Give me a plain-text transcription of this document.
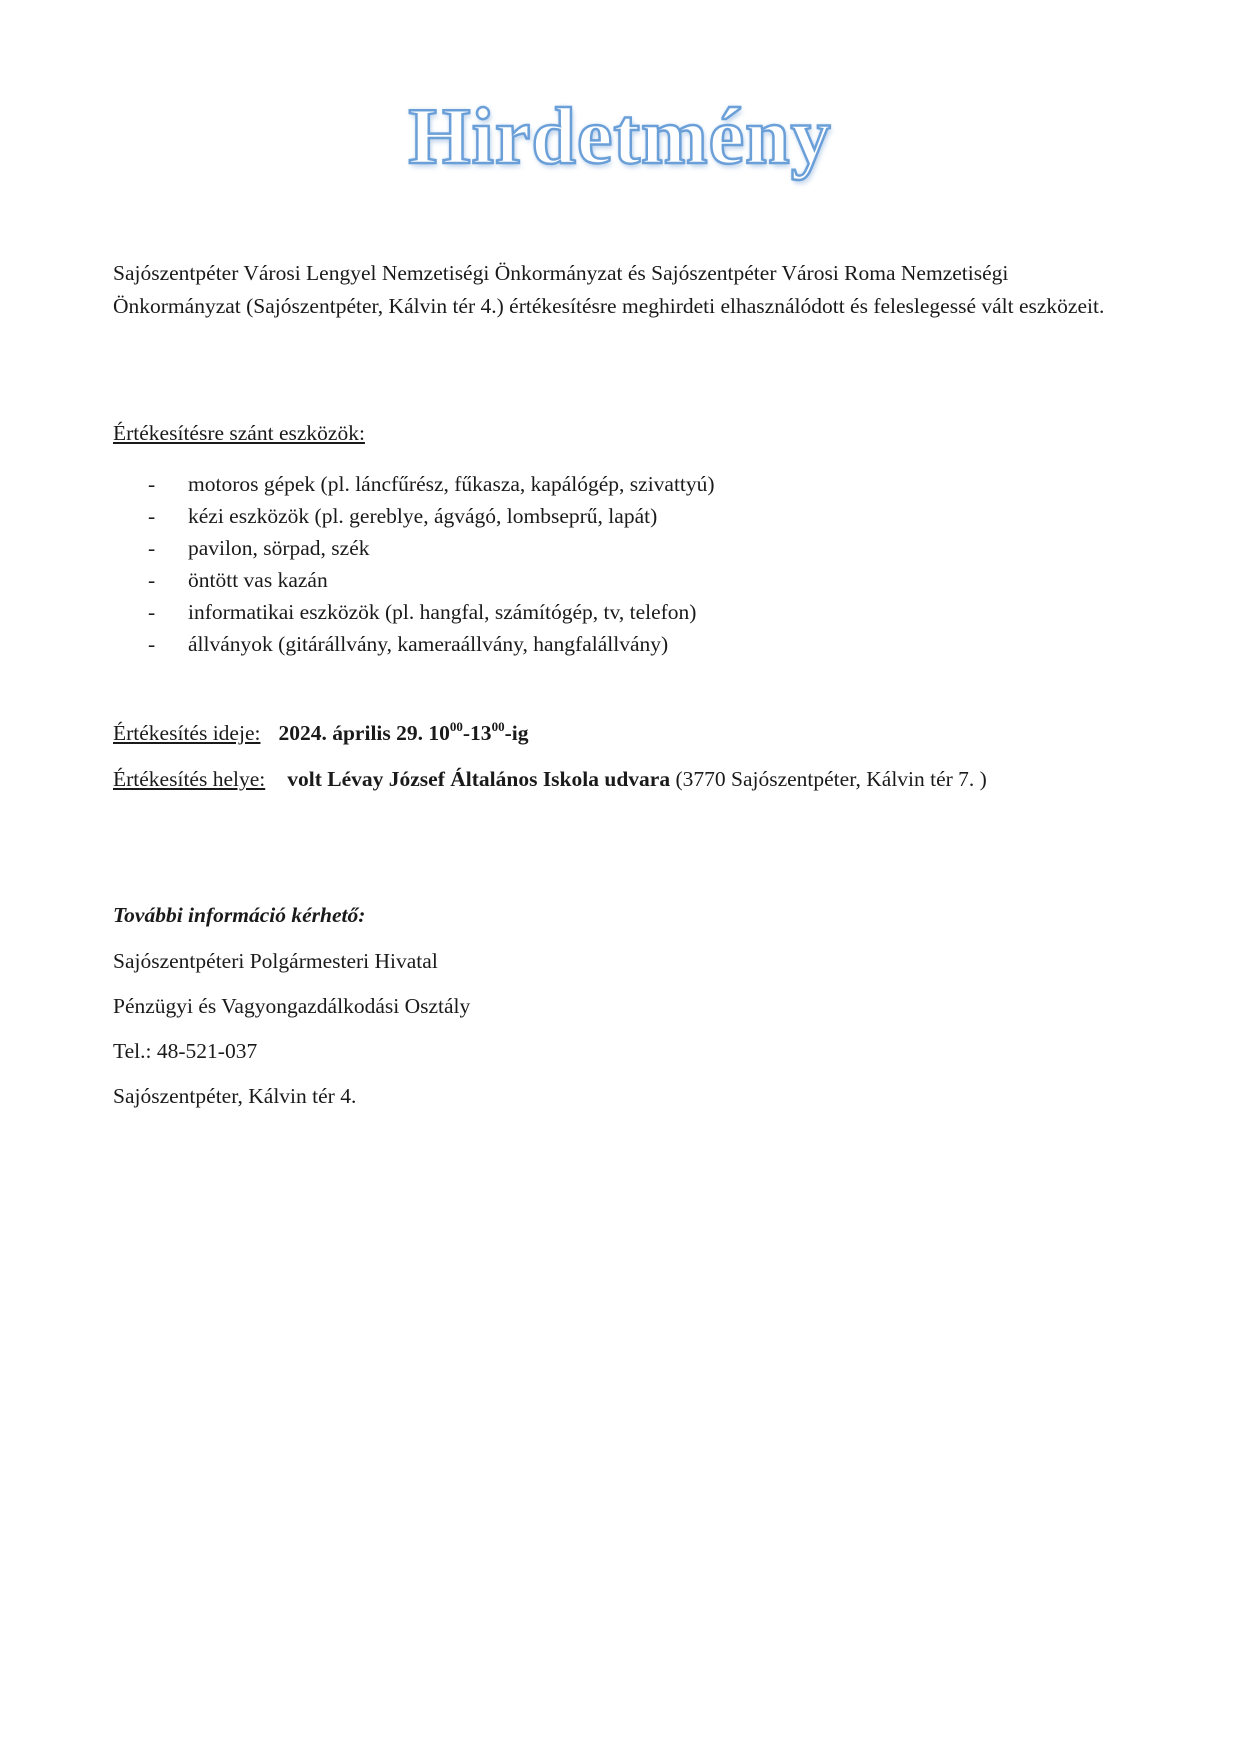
Hirdetmény
Sajószentpéter Városi Lengyel Nemzetiségi Önkormányzat és Sajószentpéter Városi Roma Nemzetiségi Önkormányzat (Sajószentpéter, Kálvin tér 4.) értékesítésre meghirdeti elhasználódott és feleslegessé vált eszközeit.
Értékesítésre szánt eszközök:
- motoros gépek (pl. láncfűrész, fűkasza, kapálógép, szivattyú)
- kézi eszközök (pl. gereblye, ágvágó, lombseprű, lapát)
- pavilon, sörpad, szék
- öntött vas kazán
- informatikai eszközök (pl. hangfal, számítógép, tv, telefon)
- állványok (gitárállvány, kameraállvány, hangfalállvány)
Értékesítés ideje: 2024. április 29. $10^{00}-13^{00}-ig$
Értékesítés helye: volt Lévay József Általános Iskola udvara (3770 Sajószentpéter, Kálvin tér 7. )
További információ kérhető:
Sajószentpéteri Polgármesteri Hivatal
Pénzügyi és Vagyongazdálkodási Osztály
Tel.: 48-521-037
Sajószentpéter, Kálvin tér 4.
